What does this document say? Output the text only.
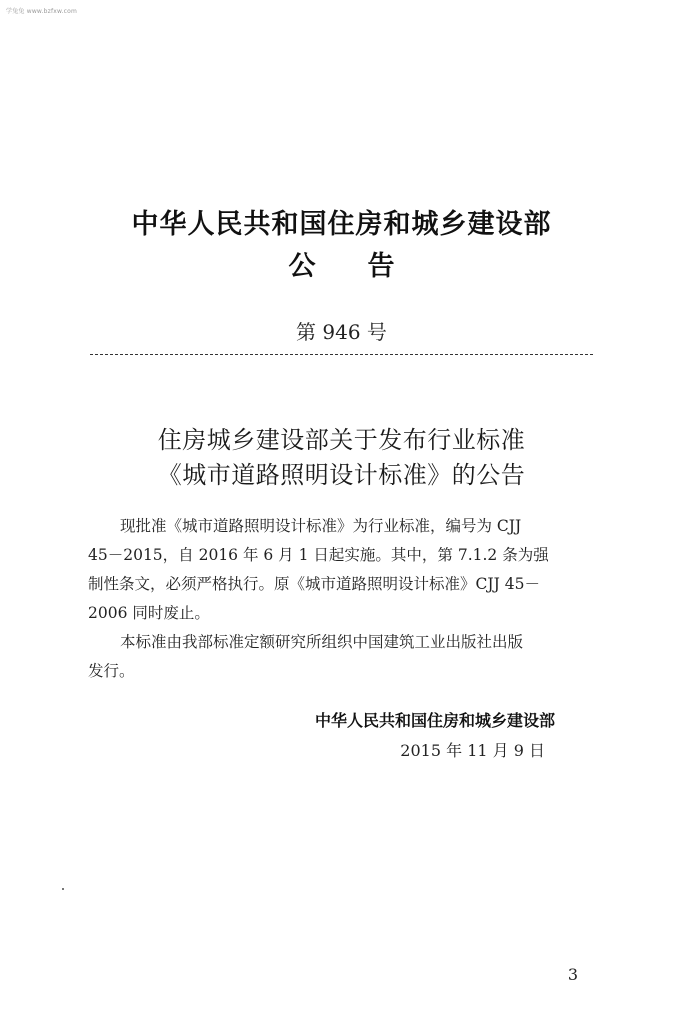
学兔兔 www.bzfxw.com
中华人民共和国住房和城乡建设部
公告
第 946 号
住房城乡建设部关于发布行业标准
《城市道路照明设计标准》的公告
现批准《城市道路照明设计标准》为行业标准，编号为 CJJ
45－2015，自 2016 年 6 月 1 日起实施。其中，第 7.1.2 条为强
制性条文，必须严格执行。原《城市道路照明设计标准》CJJ 45－
2006 同时废止。
本标准由我部标准定额研究所组织中国建筑工业出版社出版
发行。
中华人民共和国住房和城乡建设部
2015 年 11 月 9 日
3
